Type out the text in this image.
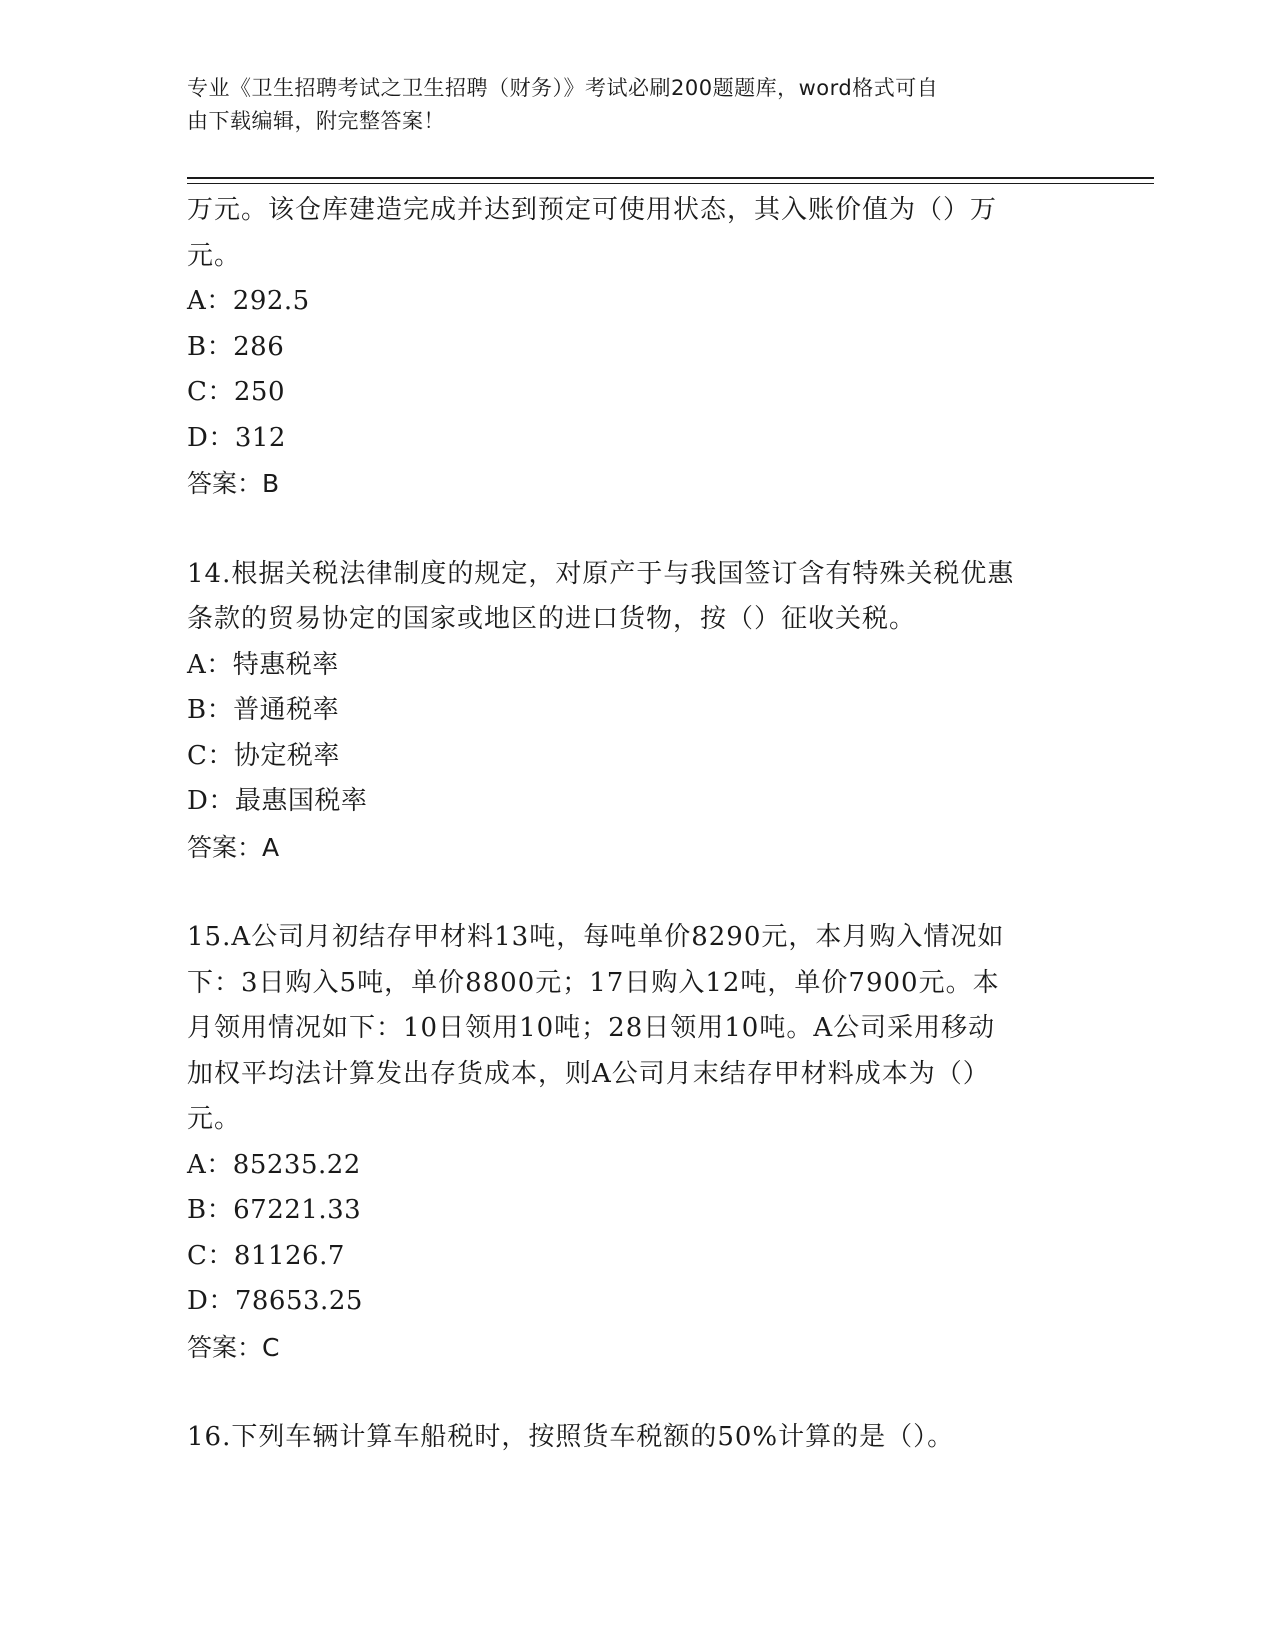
专业《卫生招聘考试之卫生招聘（财务）》考试必刷200题题库，word格式可自
由下载编辑，附完整答案！
万元。该仓库建造完成并达到预定可使用状态，其入账价值为（）万
元。
A：292.5
B：286
C：250
D：312
答案：B
14.根据关税法律制度的规定，对原产于与我国签订含有特殊关税优惠
条款的贸易协定的国家或地区的进口货物，按（）征收关税。
A：特惠税率
B：普通税率
C：协定税率
D：最惠国税率
答案：A
15.A公司月初结存甲材料13吨，每吨单价8290元，本月购入情况如
下：3日购入5吨，单价8800元；17日购入12吨，单价7900元。本
月领用情况如下：10日领用10吨；28日领用10吨。A公司采用移动
加权平均法计算发出存货成本，则A公司月末结存甲材料成本为（）
元。
A：85235.22
B：67221.33
C：81126.7
D：78653.25
答案：C
16.下列车辆计算车船税时，按照货车税额的50%计算的是（）。
